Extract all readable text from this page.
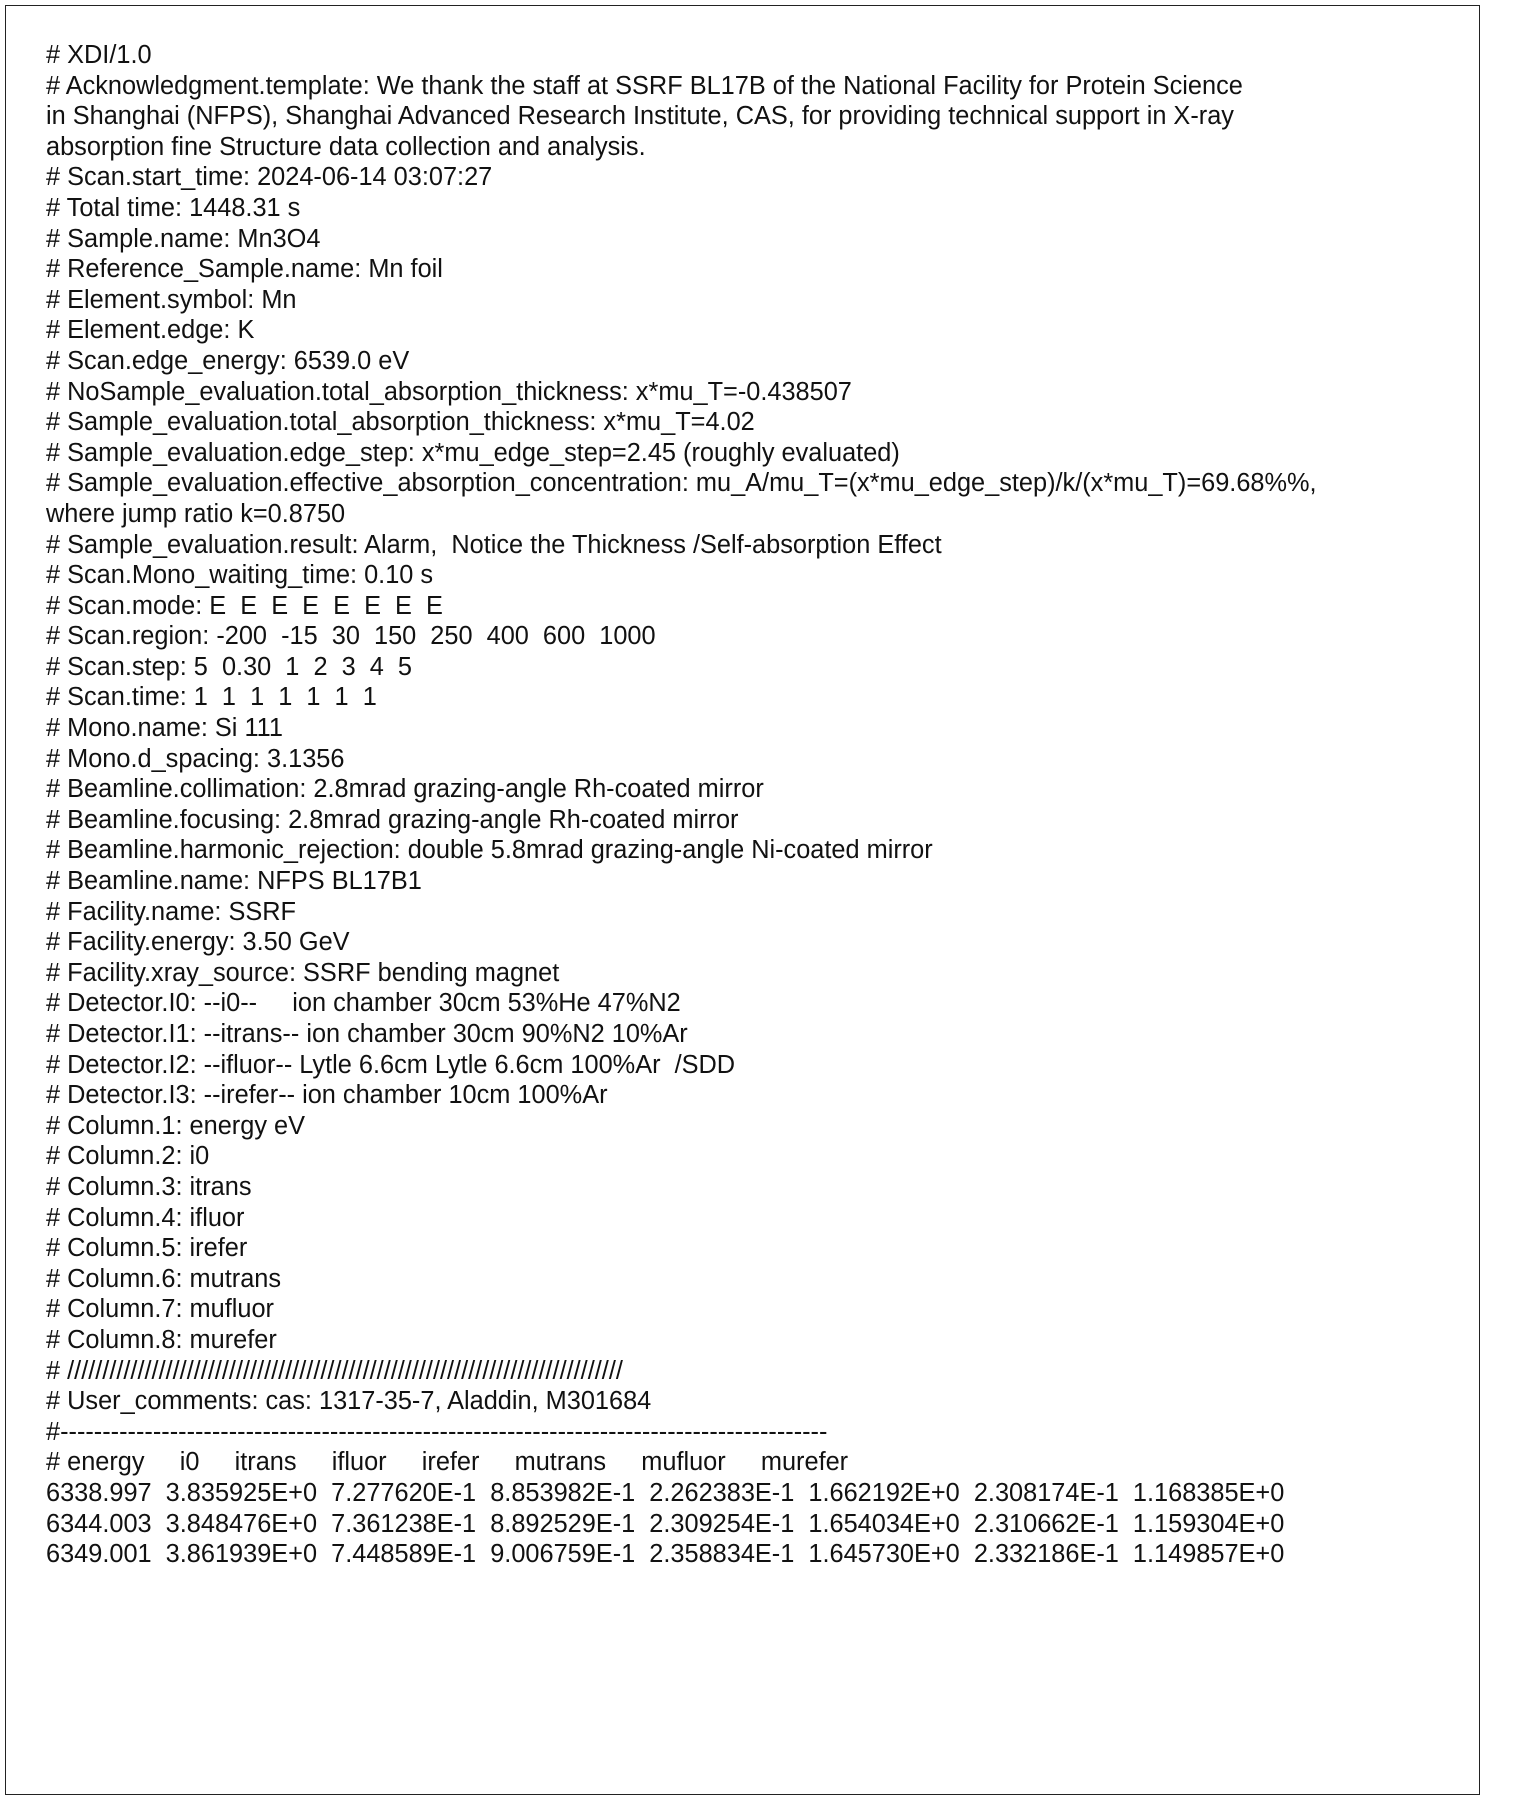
# XDI/1.0
# Acknowledgment.template: We thank the staff at SSRF BL17B of the National Facility for Protein Science
in Shanghai (NFPS), Shanghai Advanced Research Institute, CAS, for providing technical support in X-ray
absorption fine Structure data collection and analysis.
# Scan.start_time: 2024-06-14 03:07:27
# Total time: 1448.31 s
# Sample.name: Mn3O4
# Reference_Sample.name: Mn foil
# Element.symbol: Mn
# Element.edge: K
# Scan.edge_energy: 6539.0 eV
# NoSample_evaluation.total_absorption_thickness: x*mu_T=-0.438507
# Sample_evaluation.total_absorption_thickness: x*mu_T=4.02
# Sample_evaluation.edge_step: x*mu_edge_step=2.45 (roughly evaluated)
# Sample_evaluation.effective_absorption_concentration: mu_A/mu_T=(x*mu_edge_step)/k/(x*mu_T)=69.68%%,
where jump ratio k=0.8750
# Sample_evaluation.result: Alarm,  Notice the Thickness /Self-absorption Effect
# Scan.Mono_waiting_time: 0.10 s
# Scan.mode: E  E  E  E  E  E  E  E
# Scan.region: -200  -15  30  150  250  400  600  1000
# Scan.step: 5  0.30  1  2  3  4  5
# Scan.time: 1  1  1  1  1  1  1
# Mono.name: Si 111
# Mono.d_spacing: 3.1356
# Beamline.collimation: 2.8mrad grazing-angle Rh-coated mirror
# Beamline.focusing: 2.8mrad grazing-angle Rh-coated mirror
# Beamline.harmonic_rejection: double 5.8mrad grazing-angle Ni-coated mirror
# Beamline.name: NFPS BL17B1
# Facility.name: SSRF
# Facility.energy: 3.50 GeV
# Facility.xray_source: SSRF bending magnet
# Detector.I0: --i0--     ion chamber 30cm 53%He 47%N2
# Detector.I1: --itrans-- ion chamber 30cm 90%N2 10%Ar
# Detector.I2: --ifluor-- Lytle 6.6cm Lytle 6.6cm 100%Ar  /SDD
# Detector.I3: --irefer-- ion chamber 10cm 100%Ar
# Column.1: energy eV
# Column.2: i0
# Column.3: itrans
# Column.4: ifluor
# Column.5: irefer
# Column.6: mutrans
# Column.7: mufluor
# Column.8: murefer
# ///////////////////////////////////////////////////////////////////////////////
# User_comments: cas: 1317-35-7, Aladdin, M301684
#-------------------------------------------------------------------------------------------
# energy     i0     itrans     ifluor     irefer     mutrans     mufluor     murefer
6338.997  3.835925E+0  7.277620E-1  8.853982E-1  2.262383E-1  1.662192E+0  2.308174E-1  1.168385E+0
6344.003  3.848476E+0  7.361238E-1  8.892529E-1  2.309254E-1  1.654034E+0  2.310662E-1  1.159304E+0
6349.001  3.861939E+0  7.448589E-1  9.006759E-1  2.358834E-1  1.645730E+0  2.332186E-1  1.149857E+0
